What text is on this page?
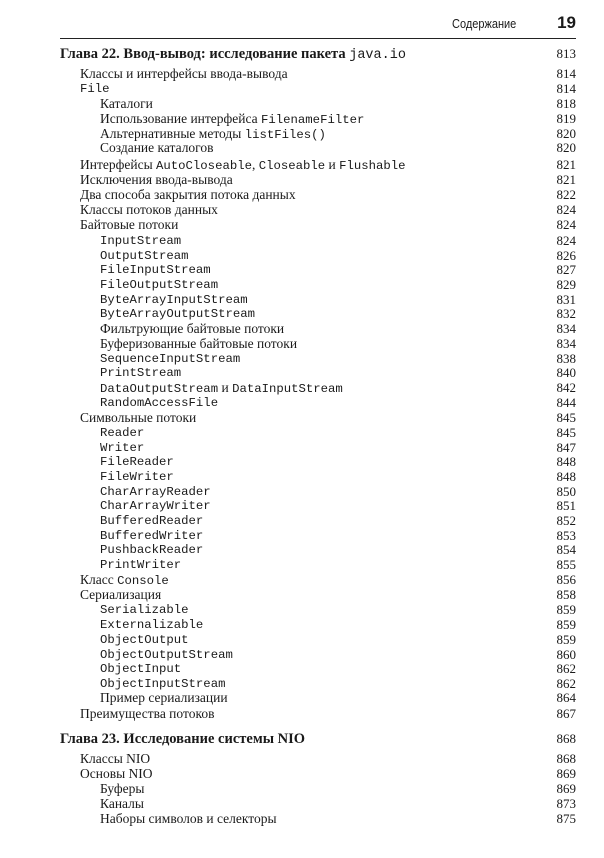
Содержание 19
Глава 22. Ввод-вывод: исследование пакета java.io	813
Классы и интерфейсы ввода-вывода	814
File	814
Каталоги	818
Использование интерфейса FilenameFilter	819
Альтернативные методы listFiles()	820
Создание каталогов	820
Интерфейсы AutoCloseable, Closeable и Flushable	821
Исключения ввода-вывода	821
Два способа закрытия потока данных	822
Классы потоков данных	824
Байтовые потоки	824
InputStream	824
OutputStream	826
FileInputStream	827
FileOutputStream	829
ByteArrayInputStream	831
ByteArrayOutputStream	832
Фильтрующие байтовые потоки	834
Буферизованные байтовые потоки	834
SequenceInputStream	838
PrintStream	840
DataOutputStream и DataInputStream	842
RandomAccessFile	844
Символьные потоки	845
Reader	845
Writer	847
FileReader	848
FileWriter	848
CharArrayReader	850
CharArrayWriter	851
BufferedReader	852
BufferedWriter	853
PushbackReader	854
PrintWriter	855
Класс Console	856
Сериализация	858
Serializable	859
Externalizable	859
ObjectOutput	859
ObjectOutputStream	860
ObjectInput	862
ObjectInputStream	862
Пример сериализации	864
Преимущества потоков	867
Глава 23. Исследование системы NIO	868
Классы NIO	868
Основы NIO	869
Буферы	869
Каналы	873
Наборы символов и селекторы	875
